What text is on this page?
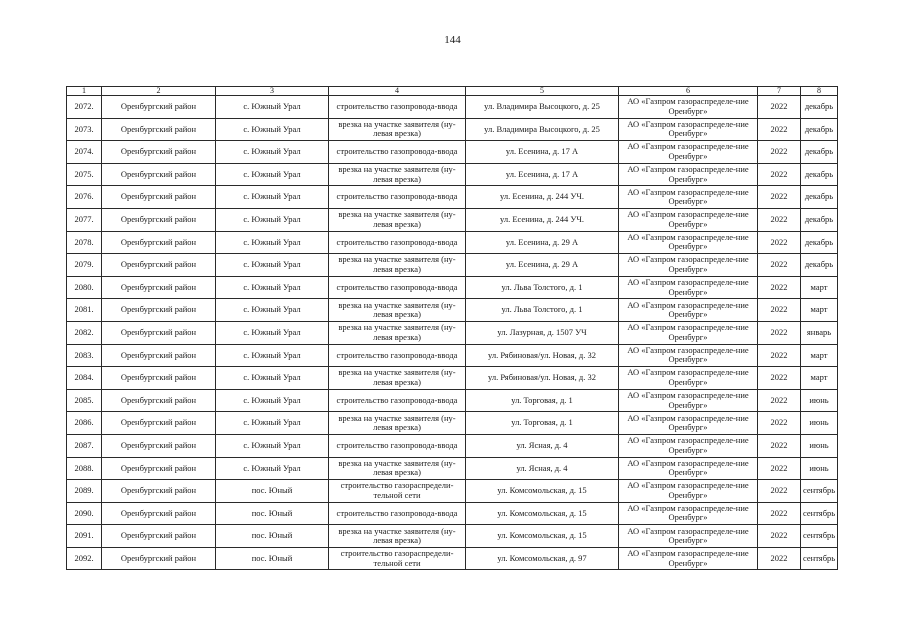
144
1	2	3	4	5	6	7	8
2072.	Оренбургский район	с. Южный Урал	строительство газопровода-ввода	ул. Владимира Высоцкого, д. 25	АО «Газпром газораспределе-ние Оренбург»	2022	декабрь
2073.	Оренбургский район	с. Южный Урал	врезка на участке заявителя (ну-левая врезка)	ул. Владимира Высоцкого, д. 25	АО «Газпром газораспределе-ние Оренбург»	2022	декабрь
2074.	Оренбургский район	с. Южный Урал	строительство газопровода-ввода	ул. Есенина, д. 17 А	АО «Газпром газораспределе-ние Оренбург»	2022	декабрь
2075.	Оренбургский район	с. Южный Урал	врезка на участке заявителя (ну-левая врезка)	ул. Есенина, д. 17 А	АО «Газпром газораспределе-ние Оренбург»	2022	декабрь
2076.	Оренбургский район	с. Южный Урал	строительство газопровода-ввода	ул. Есенина, д. 244 УЧ.	АО «Газпром газораспределе-ние Оренбург»	2022	декабрь
2077.	Оренбургский район	с. Южный Урал	врезка на участке заявителя (ну-левая врезка)	ул. Есенина, д. 244 УЧ.	АО «Газпром газораспределе-ние Оренбург»	2022	декабрь
2078.	Оренбургский район	с. Южный Урал	строительство газопровода-ввода	ул. Есенина, д. 29 А	АО «Газпром газораспределе-ние Оренбург»	2022	декабрь
2079.	Оренбургский район	с. Южный Урал	врезка на участке заявителя (ну-левая врезка)	ул. Есенина, д. 29 А	АО «Газпром газораспределе-ние Оренбург»	2022	декабрь
2080.	Оренбургский район	с. Южный Урал	строительство газопровода-ввода	ул. Льва Толстого, д. 1	АО «Газпром газораспределе-ние Оренбург»	2022	март
2081.	Оренбургский район	с. Южный Урал	врезка на участке заявителя (ну-левая врезка)	ул. Льва Толстого, д. 1	АО «Газпром газораспределе-ние Оренбург»	2022	март
2082.	Оренбургский район	с. Южный Урал	врезка на участке заявителя (ну-левая врезка)	ул. Лазурная, д. 1507 УЧ	АО «Газпром газораспределе-ние Оренбург»	2022	январь
2083.	Оренбургский район	с. Южный Урал	строительство газопровода-ввода	ул. Рябиновая/ул. Новая, д. 32	АО «Газпром газораспределе-ние Оренбург»	2022	март
2084.	Оренбургский район	с. Южный Урал	врезка на участке заявителя (ну-левая врезка)	ул. Рябиновая/ул. Новая, д. 32	АО «Газпром газораспределе-ние Оренбург»	2022	март
2085.	Оренбургский район	с. Южный Урал	строительство газопровода-ввода	ул. Торговая, д. 1	АО «Газпром газораспределе-ние Оренбург»	2022	июнь
2086.	Оренбургский район	с. Южный Урал	врезка на участке заявителя (ну-левая врезка)	ул. Торговая, д. 1	АО «Газпром газораспределе-ние Оренбург»	2022	июнь
2087.	Оренбургский район	с. Южный Урал	строительство газопровода-ввода	ул. Ясная, д. 4	АО «Газпром газораспределе-ние Оренбург»	2022	июнь
2088.	Оренбургский район	с. Южный Урал	врезка на участке заявителя (ну-левая врезка)	ул. Ясная, д. 4	АО «Газпром газораспределе-ние Оренбург»	2022	июнь
2089.	Оренбургский район	пос. Юный	строительство газораспредели-тельной сети	ул. Комсомольская, д. 15	АО «Газпром газораспределе-ние Оренбург»	2022	сентябрь
2090.	Оренбургский район	пос. Юный	строительство газопровода-ввода	ул. Комсомольская, д. 15	АО «Газпром газораспределе-ние Оренбург»	2022	сентябрь
2091.	Оренбургский район	пос. Юный	врезка на участке заявителя (ну-левая врезка)	ул. Комсомольская, д. 15	АО «Газпром газораспределе-ние Оренбург»	2022	сентябрь
2092.	Оренбургский район	пос. Юный	строительство газораспредели-тельной сети	ул. Комсомольская, д. 97	АО «Газпром газораспределе-ние Оренбург»	2022	сентябрь
